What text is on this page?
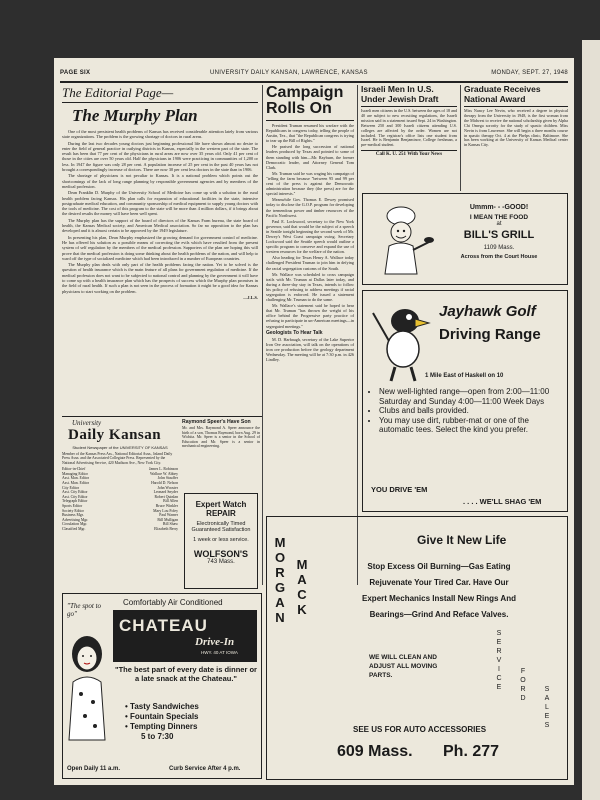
PAGE SIX	UNIVERSITY DAILY KANSAN, LAWRENCE, KANSAS	MONDAY, SEPT. 27, 1948
The Editorial Page—
The Murphy Plan

One of the most persistent health problems of Kansas has received considerable attention lately from various state organizations. The problem is the growing shortage of doctors in rural areas.

During the last two decades young doctors just beginning professional life have shown almost no desire to enter the field of general practice in outlying districts in Kansas, especially in the western part of the state. The result has been that 77 per cent of the physicians in rural areas are now over 35 years old. Only 41 per cent of those in the cities are over 50 years old. Half the physicians in 1906 were practicing in communities of 1,200 or less. In 1947 the figure was only 28 per cent. A population increase of 25 per cent in the past 40 years has not brought a correspondingly increase of doctors. There are now 30 per cent less doctors in the state than in 1906.

The shortage of physicians is not peculiar to Kansas. It is a national problem which points out the shortcomings of the lack of long range planning by responsible government agencies and by members of the medical profession.

Dean Franklin D. Murphy of the University School of Medicine has come up with a solution to the rural health problem facing Kansas. His plan calls for expansion of educational facilities in the state, intensive postgraduate medical education, and community sponsorship of medical equipment to supply young doctors with the tools of medicine. The cost of this program to the state will be more than 4 million dollars, if it brings about the desired results the money will have been well spent.

The Murphy plan has the support of the board of directors of the Kansas Farm bureau, the state board of health, the Kansas Medical society, and American Medical association. So far no opposition to the plan has developed and it is almost certain to be approved by the 1949 legislature.

In presenting his plan, Dean Murphy emphasized the growing demand for government control of medicine. He has offered his solution as a possible means of correcting the evils which have resulted from the present system of self regulation by the members of the medical profession. Supporters of the plan are hoping this will prove that the medical profession is doing some thinking about the health problems of the nation, and will help to ward off the type of socialized medicine which had been introduced in a number of European countries.

The Murphy plan deals with only part of the health problems facing the nation. Yet to be solved is the question of health insurance which is the main feature of all plans for government regulation of medicine. If the medical profession does not want to be subjected to national control and planning by the government it will have to come up with a health insurance plan which has the prospects of success which the Murphy plan promises in the field of rural health. If such a plan is not seen in the process of formation it might be a good idea for Kansas physicians to start working on the problem.

—J.L.S.
University
Daily Kansan
Student Newspaper of the UNIVERSITY OF KANSAS
Member of the Kansas Press Ass., National Editorial Assn., Inland Daily Press Assn. and the Associated Collegiate Press. Represented by the National Advertising Service, 420 Madison Ave., New York City.
Editor-in-Chief	James L. Robinson
Managing Editor	Wallace W. Abbey
Asst. Man. Editor	John Stauffer
Asst. Man. Editor	Harold D. Nelson
City Editor	John Wooster
Asst. City Editor	Leonard Snyder
Asst. City Editor	Robert Quinlan
Telegraph Editor	Bill Allen
Sports Editor	Bruce Winkler
Society Editor	Mary Lou Foley
Business Mgr.	Paul Warner
Advertising Mgr.	Bill Mulligan
Circulation Mgr.	Bill Shaw
Classified Mgr.	Elizabeth Berry
Raymond Speer's Have Son
Mr. and Mrs. Raymond A. Speer announce the birth of a son, Thomas Raymond, born Aug. 29 in Wichita. Mr. Speer is a senior in the School of Education and Mr. Speer is a senior in mechanical engineering.
Expert Watch
REPAIR
Electronically Timed
Guaranteed Satisfaction
1 week or less service.
WOLFSON'S
743 Mass.
Campaign
Rolls On

President Truman resumed his warfare with the Republicans in congress today, telling the people of Austin, Tex., that "the Republican congress is trying to tear up the Bill of Rights."

He praised the long succession of national leaders produced by Texas and pointed to some of them standing with him—Mr. Rayburn, the former Democratic leader, and Attorney General Tom Clark.

Mr. Truman said he was waging his campaign of "telling the farm because "between 95 and 99 per cent of the press is against the Democratic administration because they (the press) are for the special interests."

Meanwhile Gov. Thomas E. Dewey promised today to disclose the G.O.P. program for developing the tremendous power and timber resources of the Pacific Northwest.

Paul E. Lockwood, secretary to the New York governor, said that would be the subject of a speech in Seattle tonight beginning the second week of Mr. Dewey's West Coast campaign swing. Secretary Lockwood said the Seattle speech would outline a specific program to conserve and expand the use of western resources for the welfare of the nation.

Also heading for Texas Henry A. Wallace today challenged President Truman to join him in defying the racial segregation customs of the South.

Mr. Wallace was scheduled to cross campaign trails with Mr. Truman at Dallas later today, and during a three-day stay in Texas, intends to follow his policy of refusing to address meetings if racial segregation is enforced. He issued a statement challenging Mr. Truman to do the same.

Mr. Wallace's statement said he hoped to hear that Mr. Truman "has thrown the weight of his office behind the Progressive party practice of refusing to participate in un-American meetings—in segregated meetings."

Geologists To Hear Talk

M. D. Harbaugh, secretary of the Lake Superior Iron Ore association, will talk on the operations of iron ore production before the geology department Wednesday. The meeting will be at 7:30 p.m. in 426 Lindley.

Israeli Men In U.S. Under Jewish Draft
Israeli men citizens in the U.S. between the ages of 18 and 40 are subject to new recruiting regulations, the Israeli mission said in a statement issued Sept. 24 in Washington. Between 250 and 300 Israeli citizens attending U.S. colleges are affected by the order. Women are not included. The registrar's office lists one student from Israel. He is Benjamin Benjaminov, College freshman, a pre-medical student.
Call K. U. 251 With Your News
Graduate Receives National Award
Miss Nancy Lee Nevin, who received a degree in physical therapy from the University in 1948, is the first woman from the Midwest to receive the national scholarship given by Alpha Chi Omega sorority for the study of spastic children. Miss Nevin is from Lawrence. She will begin a three months course in spastic therapy Oct. 4 at the Phelps clinic, Baltimore. She has been working at the University of Kansas Medical center in Kansas City.
Ummm- - -GOOD!
I MEAN THE FOOD
at
BILL'S GRILL
1109 Mass.
Across from the Court House
Jayhawk Golf
Driving Range
1 Mile East of Haskell on 10
• New well-lighted range—open from 2:00—11:00 Saturday and Sunday 4:00—11:00 Week Days
• Clubs and balls provided.
• You may use dirt, rubber-mat or one of the automatic tees. Select the kind you prefer.
YOU DRIVE 'EM
. . . . WE'LL SHAG 'EM
Comfortably Air Conditioned
"The spot to go"
CHATEAU
Drive-In
HWY. 40 AT IOWA
"The best part of every date is dinner or a late snack at the Chateau."
• Tasty Sandwiches
• Fountain Specials
• Tempting Dinners
5 to 7:30
Open Daily 11 a.m.	Curb Service After 4 p.m.
M
O
R
G
A
N
M
A
C
K
Give It New Life
Stop Excess Oil Burning—Gas Eating
Rejuvenate Your Tired Car. Have Our
Expert Mechanics Install New Rings And
Bearings—Grind And Reface Valves.
WE WILL CLEAN AND ADJUST ALL MOVING PARTS.
S
E
R
V
I
C
E
F
O
R
D
S
A
L
E
S
SEE US FOR AUTO ACCESSORIES
609 Mass. Ph. 277
